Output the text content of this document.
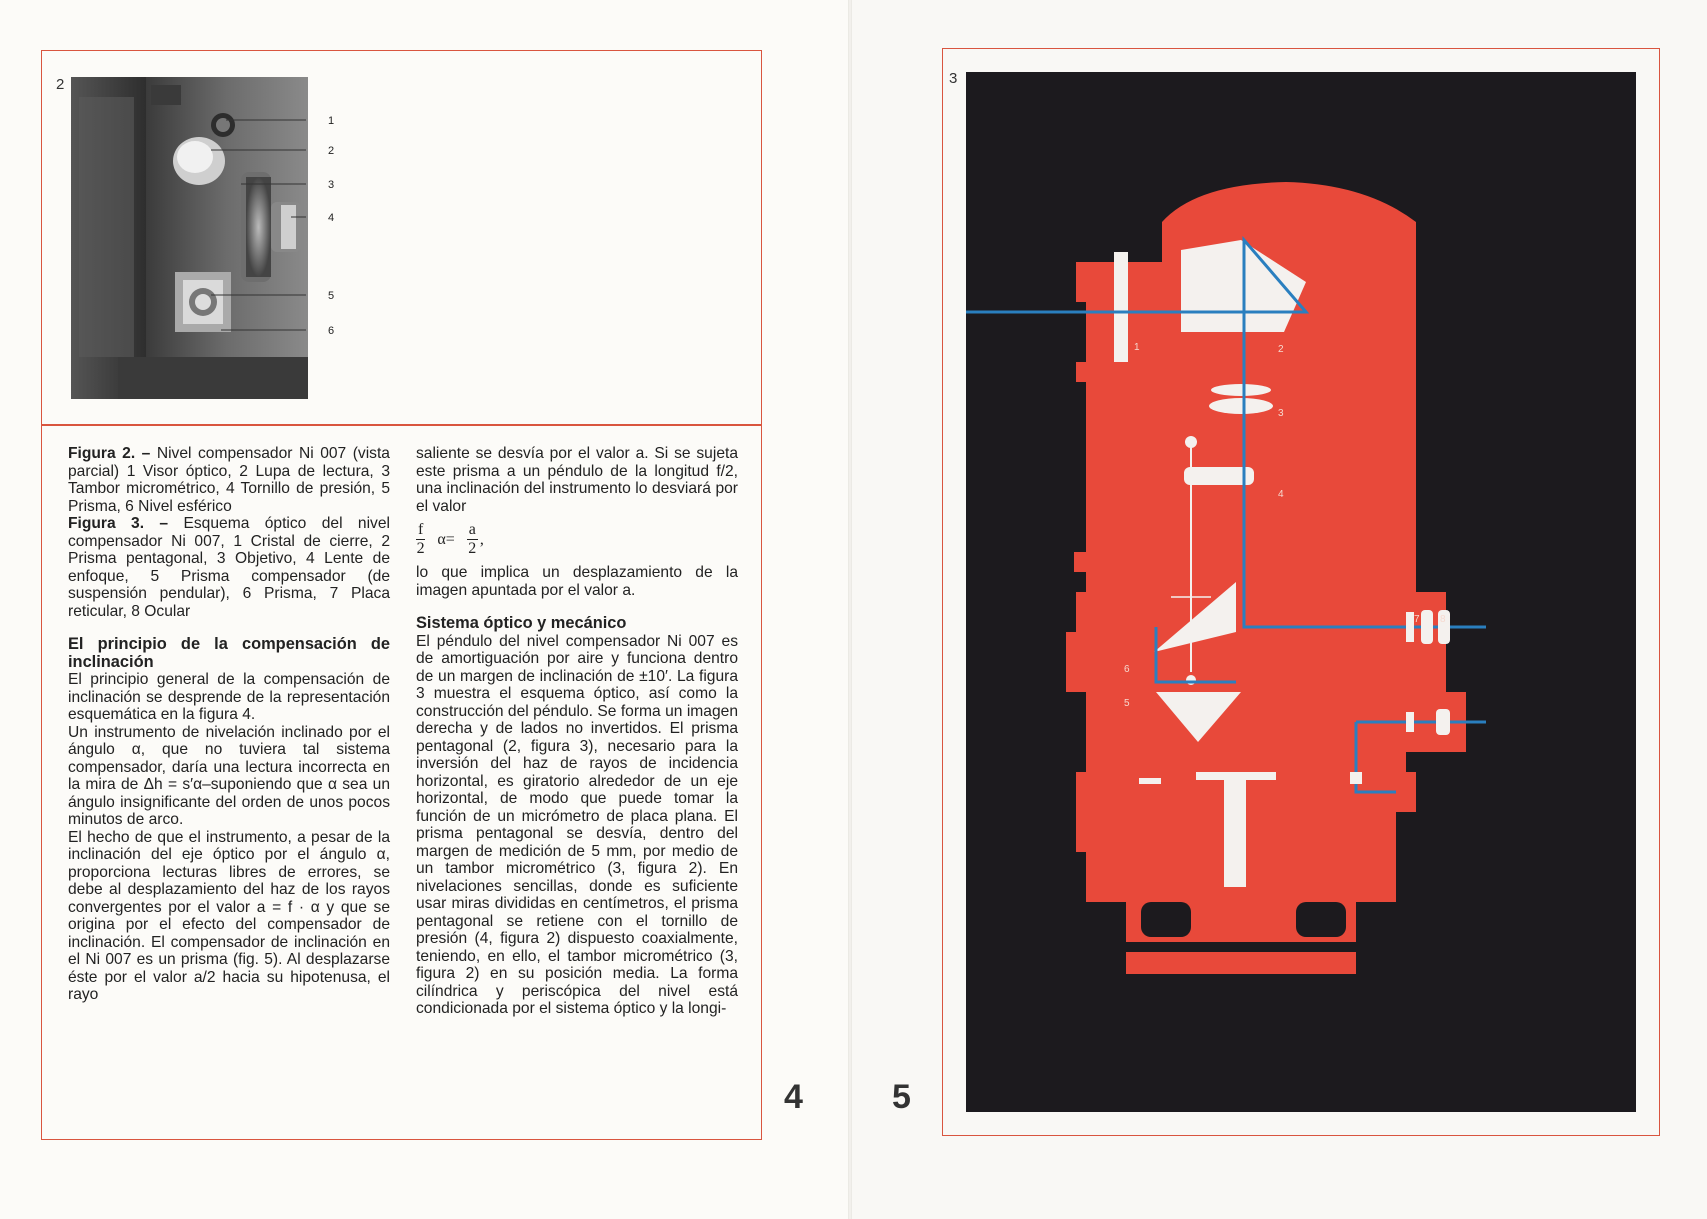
2
1
2
3
4
5
6

Figura 2. – Nivel compensador Ni 007 (vista parcial) 1 Visor óptico, 2 Lupa de lectura, 3 Tambor micrométrico, 4 Tornillo de presión, 5 Prisma, 6 Nivel esférico

Figura 3. – Esquema óptico del nivel compensador Ni 007, 1 Cristal de cierre, 2 Prisma pentagonal, 3 Objetivo, 4 Lente de enfoque, 5 Prisma compensador (de suspensión pendular), 6 Prisma, 7 Placa reticular, 8 Ocular

El principio de la compensación de inclinación

El principio general de la compensación de inclinación se desprende de la representación esquemática en la figura 4.

Un instrumento de nivelación inclinado por el ángulo α, que no tuviera tal sistema compensador, daría una lectura incorrecta en la mira de Δh = s′α–suponiendo que α sea un ángulo insignificante del orden de unos pocos minutos de arco.

El hecho de que el instrumento, a pesar de la inclinación del eje óptico por el ángulo α, proporciona lecturas libres de errores, se debe al desplazamiento del haz de los rayos convergentes por el valor a = f · α y que se origina por el efecto del compensador de inclinación. El compensador de inclinación en el Ni 007 es un prisma (fig. 5). Al desplazarse éste por el valor a/2 hacia su hipotenusa, el rayo

saliente se desvía por el valor a. Si se sujeta este prisma a un péndulo de la longitud f/2, una inclinación del instrumento lo desviará por el valor

$\frac{f}{2} \alpha= \frac{a}{2}$ ,

lo que implica un desplazamiento de la imagen apuntada por el valor a.

Sistema óptico y mecánico

El péndulo del nivel compensador Ni 007 es de amortiguación por aire y funciona dentro de un margen de inclinación de ±10′. La figura 3 muestra el esquema óptico, así como la construcción del péndulo. Se forma un imagen derecha y de lados no invertidos. El prisma pentagonal (2, figura 3), necesario para la inversión del haz de rayos de incidencia horizontal, es giratorio alrededor de un eje horizontal, de modo que puede tomar la función de un micrómetro de placa plana. El prisma pentagonal se desvía, dentro del margen de medición de 5 mm, por medio de un tambor micrométrico (3, figura 2). En nivelaciones sencillas, donde es suficiente usar miras divididas en centímetros, el prisma pentagonal se retiene con el tornillo de presión (4, figura 2) dispuesto coaxialmente, teniendo, en ello, el tambor micrométrico (3, figura 2) en su posición media. La forma cilíndrica y periscópica del nivel está condicionada por el sistema óptico y la longi-

4
3
5
1	2
3
4
5
6
7 8
